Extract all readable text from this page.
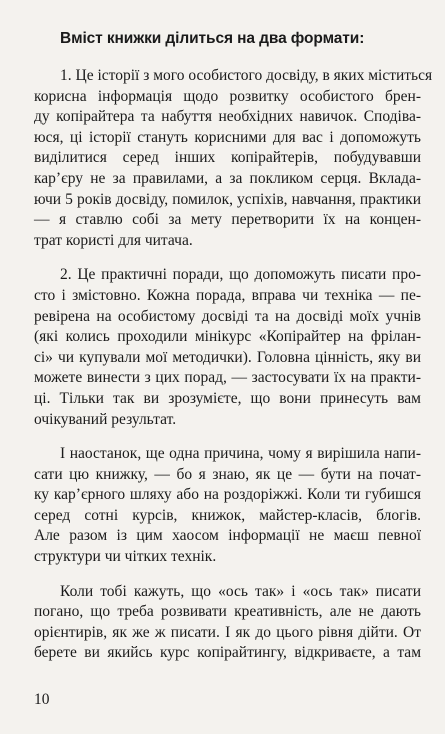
Вміст книжки ділиться на два формати:
1. Це історії з мого особистого досвіду, в яких міститься
корисна інформація щодо розвитку особистого брен-
ду копірайтера та набуття необхідних навичок. Сподіва-
юся, ці історії стануть корисними для вас і допоможуть
виділитися серед інших копірайтерів, побудувавши
кар’єру не за правилами, а за покликом серця. Вклада-
ючи 5 років досвіду, помилок, успіхів, навчання, практики
— я ставлю собі за мету перетворити їх на концен-
трат користі для читача.
2. Це практичні поради, що допоможуть писати про-
сто і змістовно. Кожна порада, вправа чи техніка — пе-
ревірена на особистому досвіді та на досвіді моїх учнів
(які колись проходили мінікурс «Копірайтер на фрілан-
сі» чи купували мої методички). Головна цінність, яку ви
можете винести з цих порад, — застосувати їх на практи-
ці. Тільки так ви зрозумієте, що вони принесуть вам
очікуваний результат.
І наостанок, ще одна причина, чому я вирішила напи-
сати цю книжку, — бо я знаю, як це — бути на почат-
ку кар’єрного шляху або на роздоріжжі. Коли ти губишся
серед сотні курсів, книжок, майстер-класів, блогів.
Але разом із цим хаосом інформації не маєш певної
структури чи чітких технік.
Коли тобі кажуть, що «ось так» і «ось так» писати
погано, що треба розвивати креативність, але не дають
орієнтирів, як же ж писати. І як до цього рівня дійти. От
берете ви якийсь курс копірайтингу, відкриваєте, а там
10
